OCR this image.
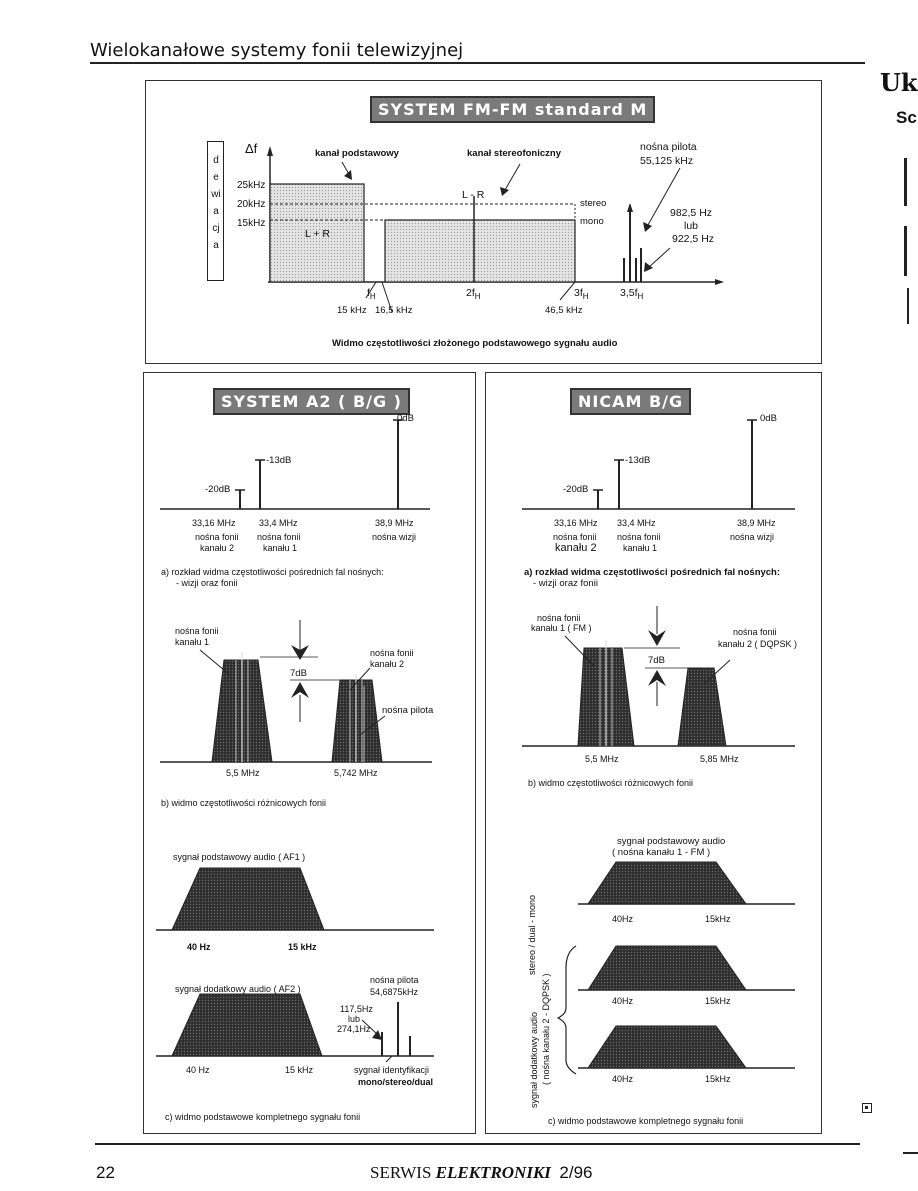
Wielokanałowe systemy fonii telewizyjnej
Uk
Sc
SYSTEM FM-FM standard M
dewiacja
Δf
25kHz
20kHz
15kHz
kanał podstawowy	kanał stereofoniczny
nośna pilota
55,125 kHz
L - R
L + R
stereo
mono
982,5 Hz
lub
922,5 Hz
$f_H$	$2f_H$	$3f_H$	$3,5f_H$
15 kHz 16,5 kHz	46,5 kHz
Widmo częstotliwości złożonego podstawowego sygnału audio
SYSTEM A2 ( B/G )
0dB
-13dB
-20dB
33,16 MHz	33,4 MHz	38,9 MHz
nośna fonii
kanału 2
nośna fonii
kanału 1
nośna wizji
a) rozkład widma częstotliwości pośrednich fal nośnych:
- wizji oraz fonii
nośna fonii
kanału 1
nośna fonii
kanału 2
7dB
nośna pilota
5,5 MHz	5,742 MHz
b) widmo częstotliwości różnicowych fonii
sygnał podstawowy audio ( AF1 )
40 Hz	15 kHz
sygnał dodatkowy audio ( AF2 )
nośna pilota
54,6875kHz
117,5Hz
lub
274,1Hz
40 Hz	15 kHz	sygnał identyfikacji
mono/stereo/dual
c) widmo podstawowe kompletnego sygnału fonii
NICAM B/G
0dB
-13dB
-20dB
33,16 MHz 33,4 MHz	38,9 MHz
nośna fonii
kanału 2
nośna fonii
kanału 1
nośna wizji
a) rozkład widma częstotliwości pośrednich fal nośnych:
- wizji oraz fonii
nośna fonii
kanału 1 ( FM )	nośna fonii
kanału 2 ( DQPSK )
7dB
5,5 MHz	5,85 MHz
b) widmo częstotliwości różnicowych fonii
sygnał podstawowy audio
( nośna kanału 1 - FM )
40Hz	15kHz
40Hz	15kHz
40Hz	15kHz
stereo / dual - mono
sygnał dodatkowy audio ( nośna kanału 2 - DQPSK )
c) widmo podstawowe kompletnego sygnału fonii
22	SERWIS ELEKTRONIKI 2/96
